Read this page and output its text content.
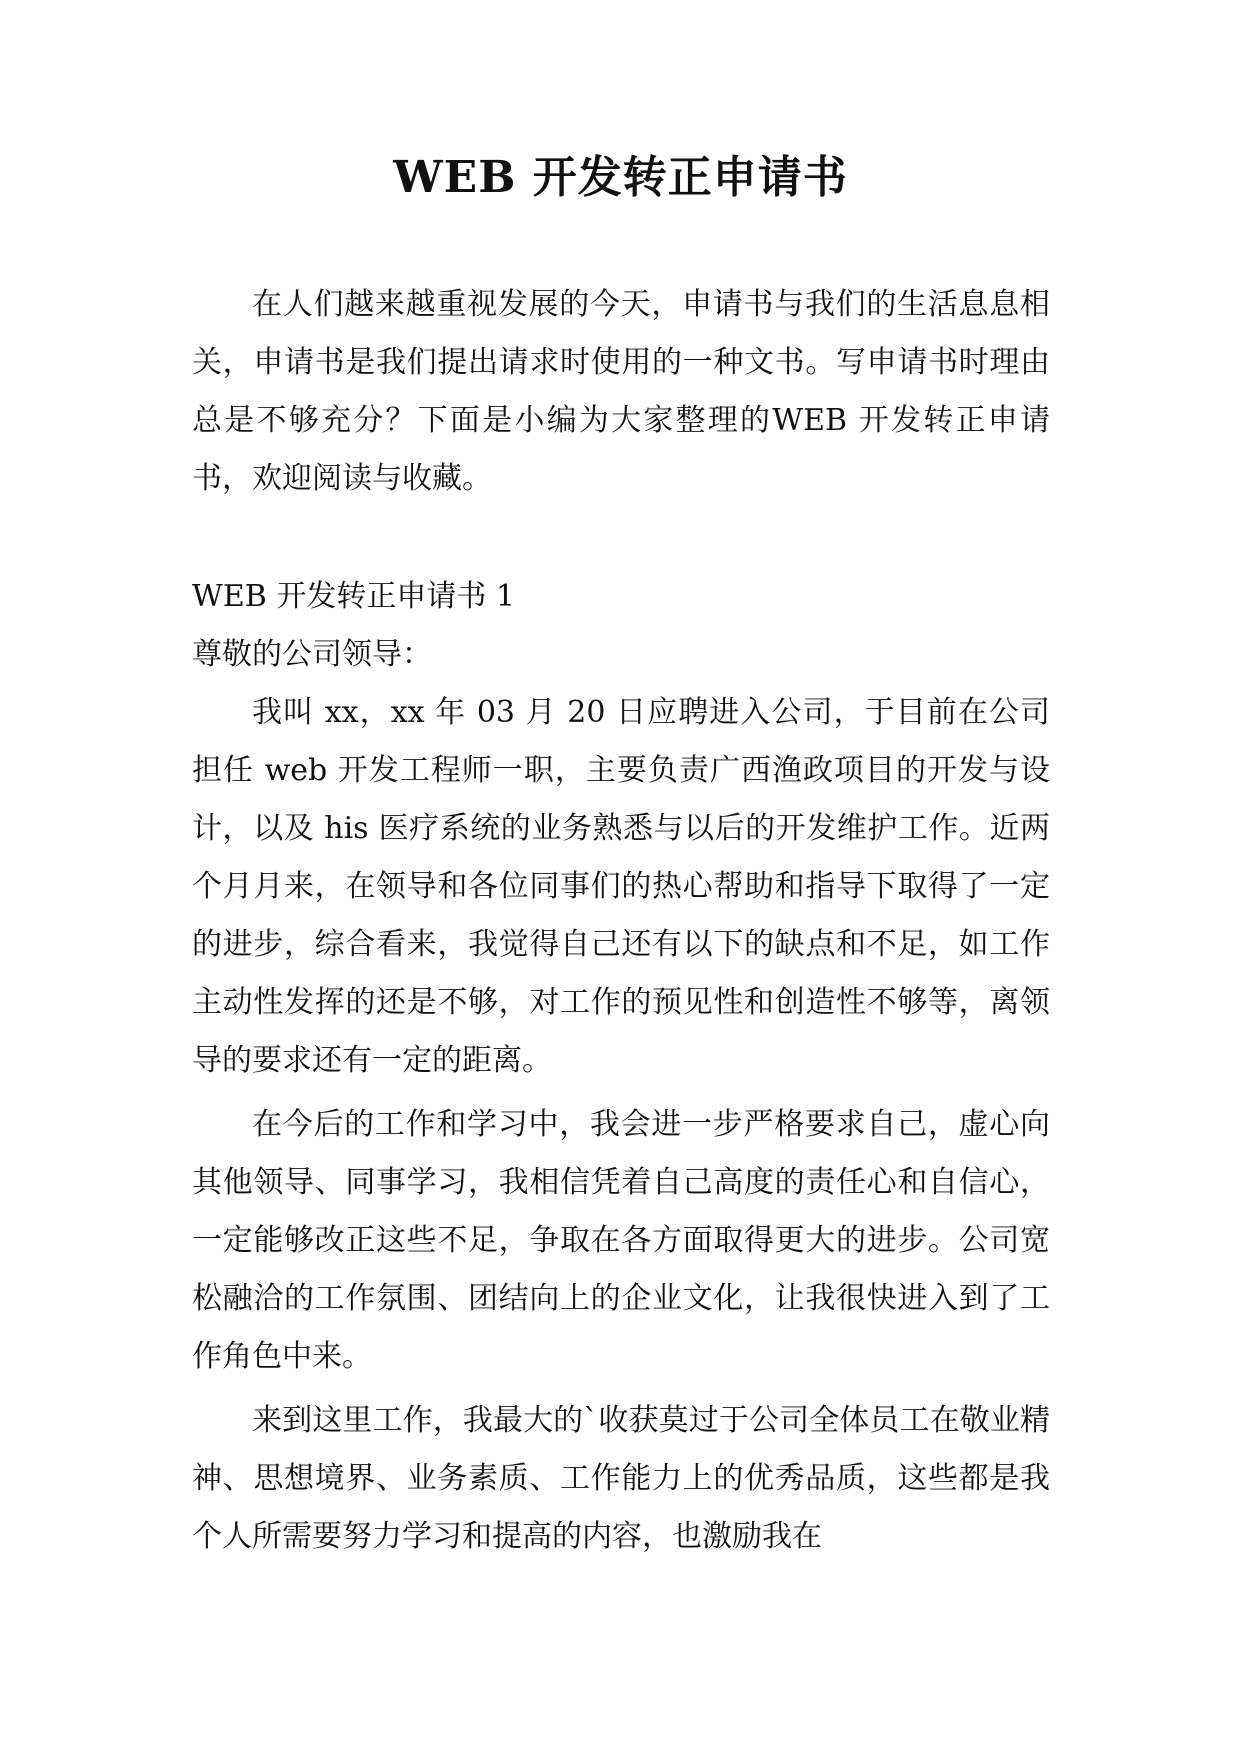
WEB 开发转正申请书

在人们越来越重视发展的今天，申请书与我们的生活息息相关，申请书是我们提出请求时使用的一种文书。写申请书时理由总是不够充分？下面是小编为大家整理的WEB 开发转正申请书，欢迎阅读与收藏。

WEB 开发转正申请书 1

尊敬的公司领导：

我叫 xx，xx 年 03 月 20 日应聘进入公司，于目前在公司担任 web 开发工程师一职，主要负责广西渔政项目的开发与设计，以及 his 医疗系统的业务熟悉与以后的开发维护工作。近两个月月来，在领导和各位同事们的热心帮助和指导下取得了一定的进步，综合看来，我觉得自己还有以下的缺点和不足，如工作主动性发挥的还是不够，对工作的预见性和创造性不够等，离领导的要求还有一定的距离。

在今后的工作和学习中，我会进一步严格要求自己，虚心向其他领导、同事学习，我相信凭着自己高度的责任心和自信心，一定能够改正这些不足，争取在各方面取得更大的进步。公司宽松融洽的工作氛围、团结向上的企业文化，让我很快进入到了工作角色中来。

来到这里工作，我最大的`收获莫过于公司全体员工在敬业精神、思想境界、业务素质、工作能力上的优秀品质，这些都是我个人所需要努力学习和提高的内容，也激励我在
